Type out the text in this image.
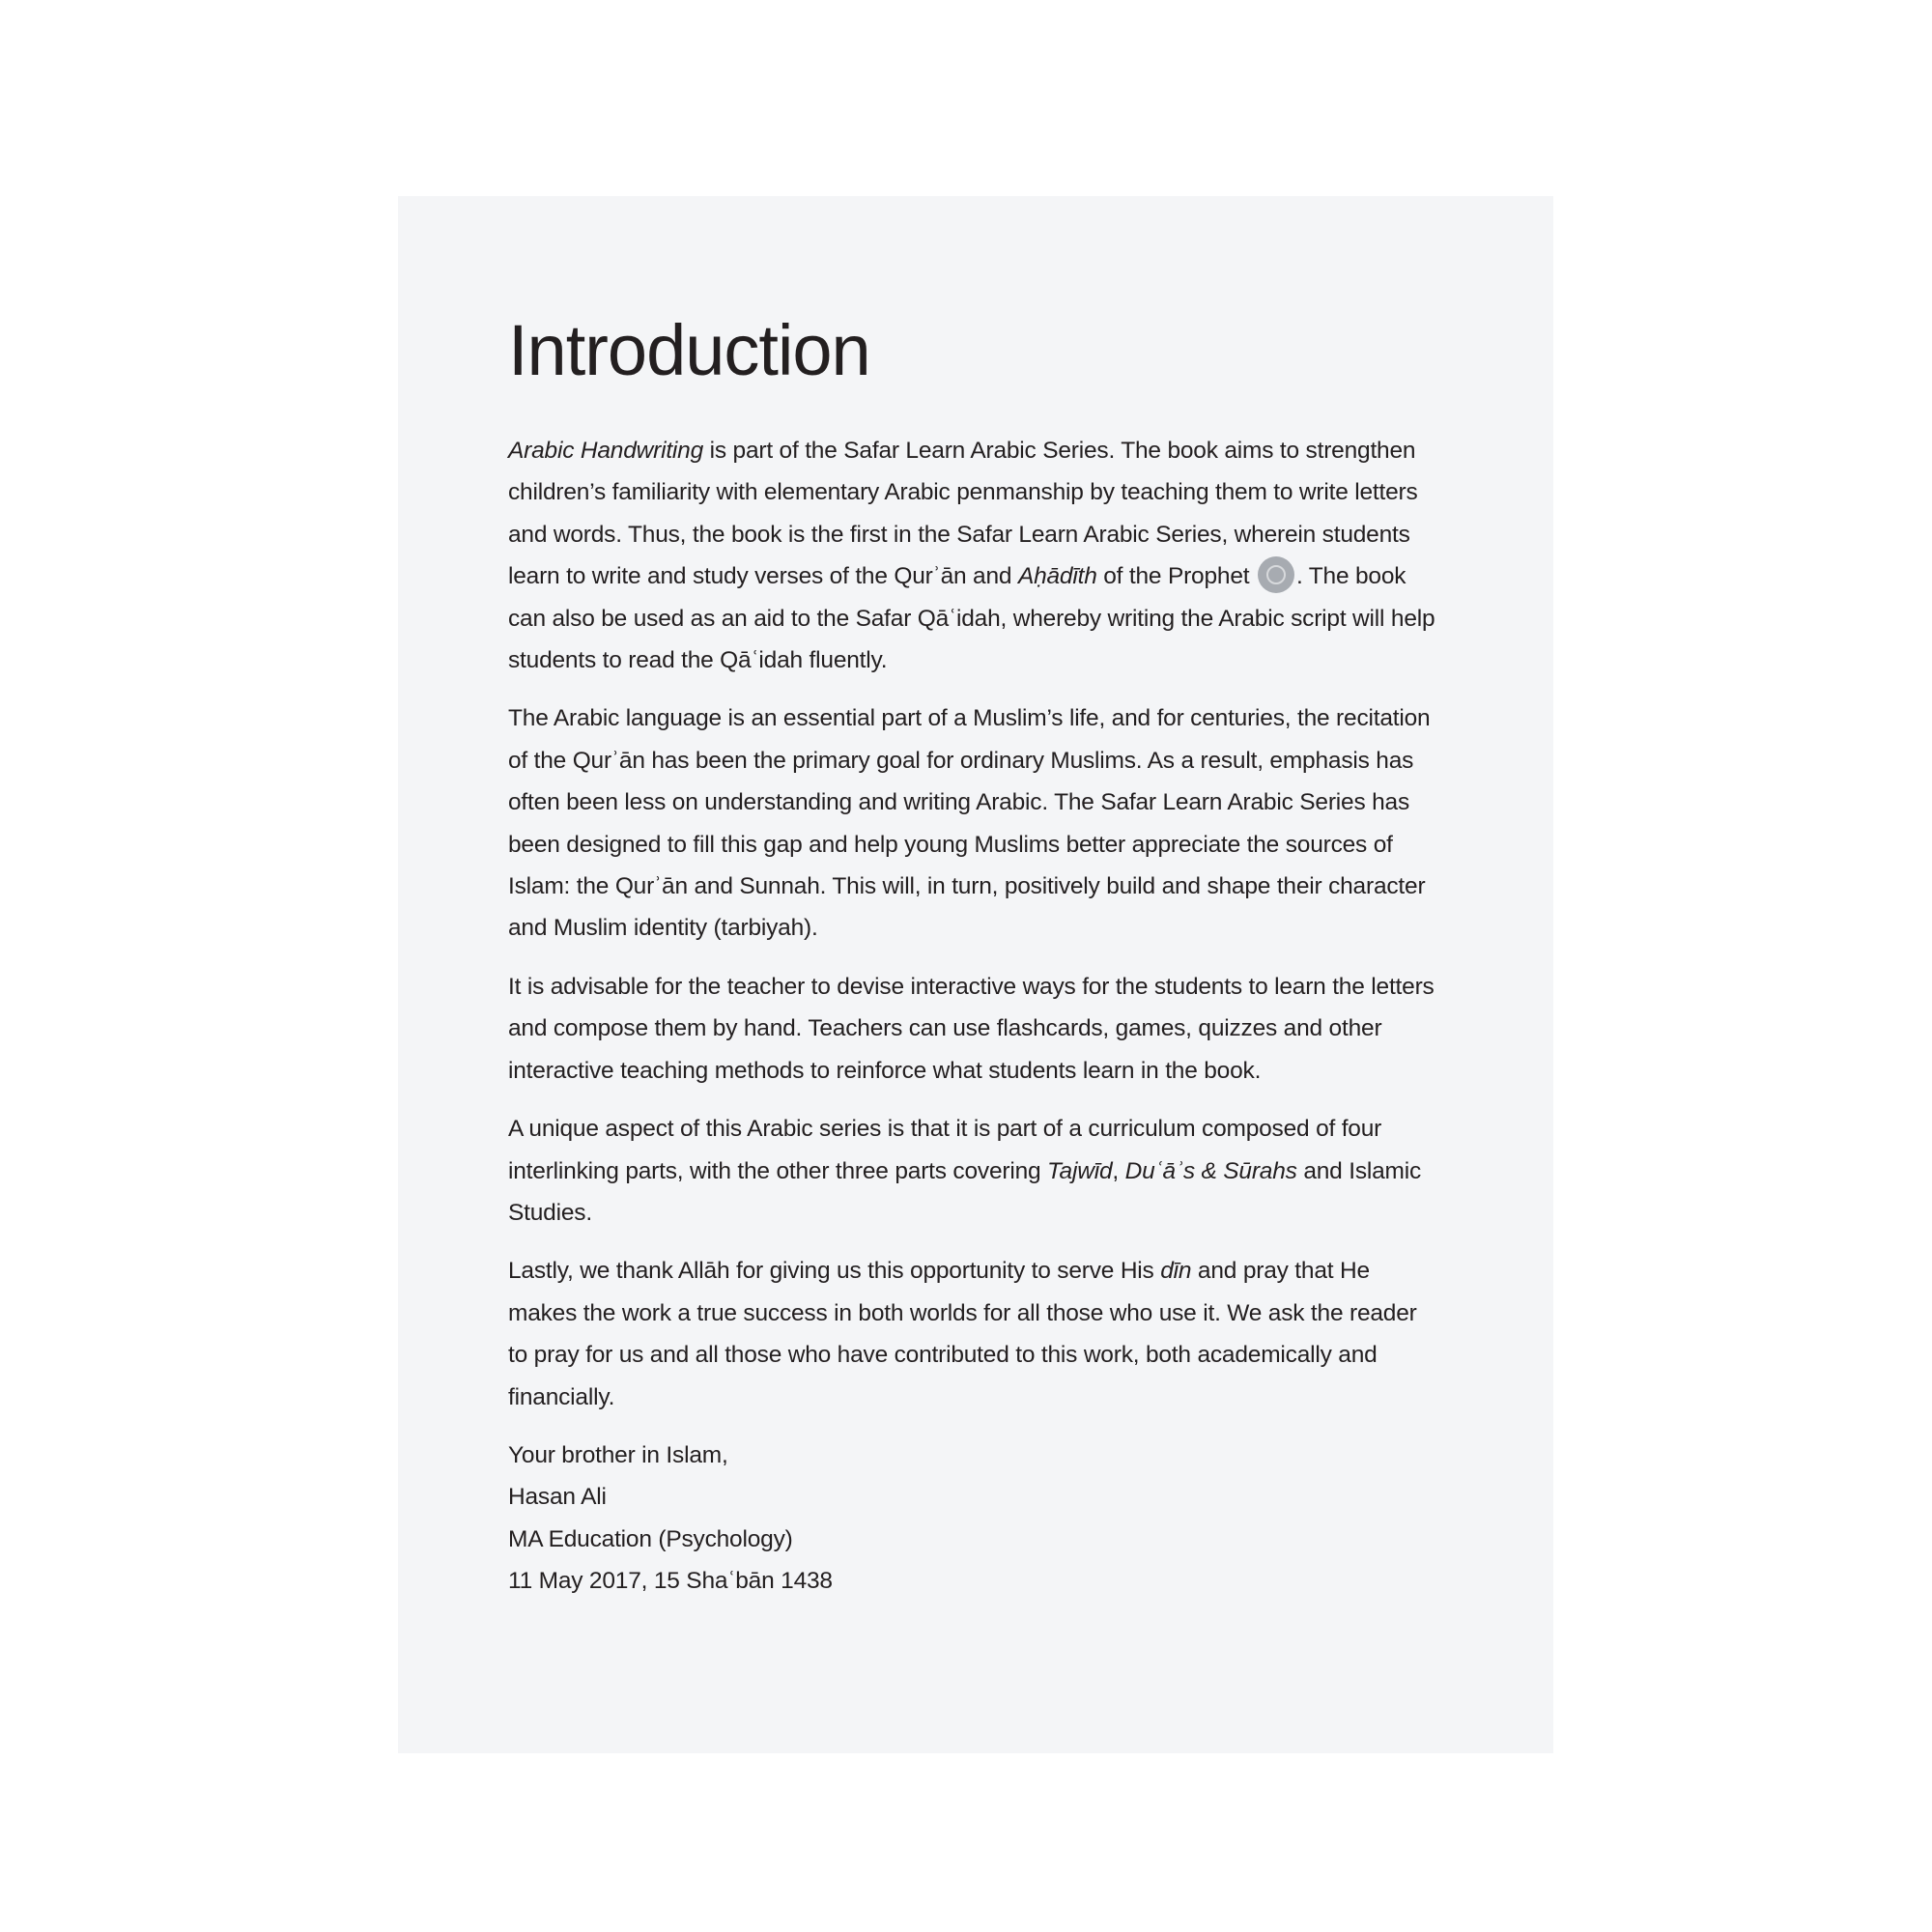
Introduction

Arabic Handwriting is part of the Safar Learn Arabic Series. The book aims to strengthen children’s familiarity with elementary Arabic penmanship by teaching them to write letters and words. Thus, the book is the first in the Safar Learn Arabic Series, wherein students learn to write and study verses of the Qurʾān and Aḥādīth of the Prophet . The book can also be used as an aid to the Safar Qāʿidah, whereby writing the Arabic script will help students to read the Qāʿidah fluently.

The Arabic language is an essential part of a Muslim’s life, and for centuries, the recitation of the Qurʾān has been the primary goal for ordinary Muslims. As a result, emphasis has often been less on understanding and writing Arabic. The Safar Learn Arabic Series has been designed to fill this gap and help young Muslims better appreciate the sources of Islam: the Qurʾān and Sunnah. This will, in turn, positively build and shape their character and Muslim identity (tarbiyah).

It is advisable for the teacher to devise interactive ways for the students to learn the letters and compose them by hand. Teachers can use flashcards, games, quizzes and other interactive teaching methods to reinforce what students learn in the book.

A unique aspect of this Arabic series is that it is part of a curriculum composed of four interlinking parts, with the other three parts covering Tajwīd, Duʿāʾs & Sūrahs and Islamic Studies.

Lastly, we thank Allāh for giving us this opportunity to serve His dīn and pray that He makes the work a true success in both worlds for all those who use it. We ask the reader to pray for us and all those who have contributed to this work, both academically and financially.

Your brother in Islam,
Hasan Ali
MA Education (Psychology)
11 May 2017, 15 Shaʿbān 1438
